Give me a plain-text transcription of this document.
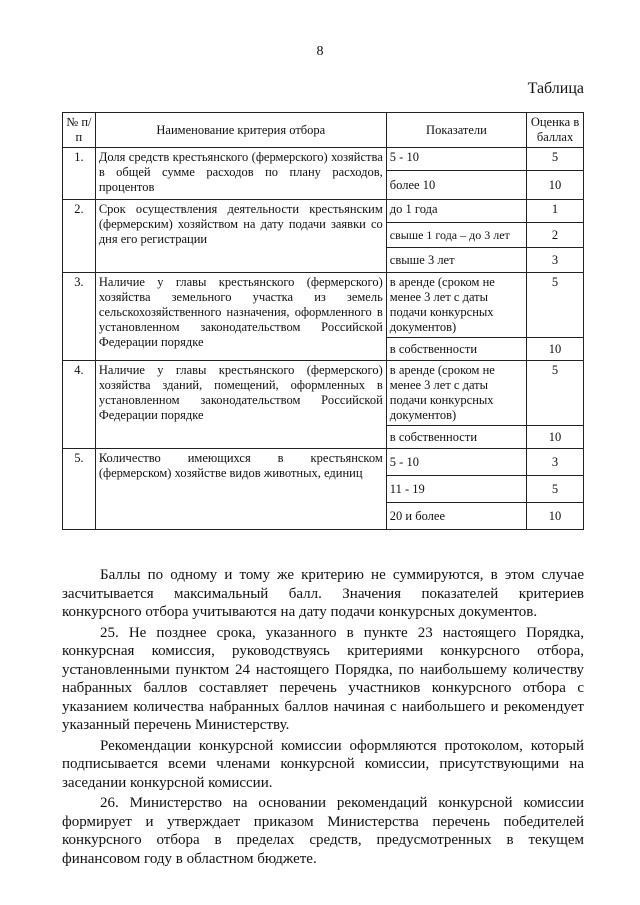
8
Таблица
№ п/п	Наименование критерия отбора	Показатели	Оценка в баллах
1.	Доля средств крестьянского (фермерского) хозяйства в общей сумме расходов по плану расходов, процентов	5 - 10	5
		более 10	10
2.	Срок осуществления деятельности крестьянским (фермерским) хозяйством на дату подачи заявки со дня его регистрации	до 1 года	1
		свыше 1 года – до 3 лет	2
		свыше 3 лет	3
3.	Наличие у главы крестьянского (фермерского) хозяйства земельного участка из земель сельскохозяйственного назначения, оформленного в установленном законодательством Российской Федерации порядке	в аренде (сроком не менее 3 лет с даты подачи конкурсных документов)	5
		в собственности	10
4.	Наличие у главы крестьянского (фермерского) хозяйства зданий, помещений, оформленных в установленном законодательством Российской Федерации порядке	в аренде (сроком не менее 3 лет с даты подачи конкурсных документов)	5
		в собственности	10
5.	Количество имеющихся в крестьянском (фермерском) хозяйстве видов животных, единиц	5 - 10	3
		11 - 19	5
		20 и более	10

Баллы по одному и тому же критерию не суммируются, в этом случае засчитывается максимальный балл. Значения показателей критериев конкурсного отбора учитываются на дату подачи конкурсных документов.

25. Не позднее срока, указанного в пункте 23 настоящего Порядка, конкурсная комиссия, руководствуясь критериями конкурсного отбора, установленными пунктом 24 настоящего Порядка, по наибольшему количеству набранных баллов составляет перечень участников конкурсного отбора с указанием количества набранных баллов начиная с наибольшего и рекомендует указанный перечень Министерству.

Рекомендации конкурсной комиссии оформляются протоколом, который подписывается всеми членами конкурсной комиссии, присутствующими на заседании конкурсной комиссии.

26. Министерство на основании рекомендаций конкурсной комиссии формирует и утверждает приказом Министерства перечень победителей конкурсного отбора в пределах средств, предусмотренных в текущем финансовом году в областном бюджете.
